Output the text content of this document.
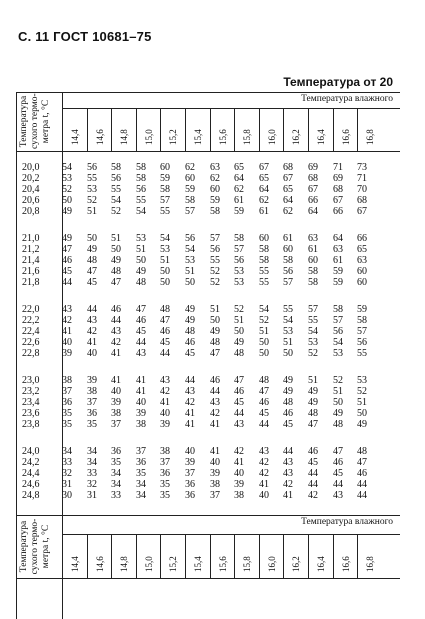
С. 11 ГОСТ 10681–75
Температура от 20
Температура влажного
14,4 14,6 14,8 15,0 15,2 15,4 15,6 15,8 16,0 16,2 16,4 16,6 16,8
Температура сухого термо- метра t, °C
20,0	54	56	58	58	60	62	63	65	67	68	69	71	73
20,2	53	55	56	58	59	60	62	64	65	67	68	69	71
20,4	52	53	55	56	58	59	60	62	64	65	67	68	70
20,6	50	52	54	55	57	58	59	61	62	64	66	67	68
20,8	49	51	52	54	55	57	58	59	61	62	64	66	67
21,0	49	50	51	53	54	56	57	58	60	61	63	64	66
21,2	47	49	50	51	53	54	56	57	58	60	61	63	65
21,4	46	48	49	50	51	53	55	56	58	58	60	61	63
21,6	45	47	48	49	50	51	52	53	55	56	58	59	60
21,8	44	45	47	48	50	50	52	53	55	57	58	59	60
22,0	43	44	46	47	48	49	51	52	54	55	57	58	59
22,2	42	43	44	46	47	49	50	51	52	54	55	57	58
22,4	41	42	43	45	46	48	49	50	51	53	54	56	57
22,6	40	41	42	44	45	46	48	49	50	51	53	54	56
22,8	39	40	41	43	44	45	47	48	50	50	52	53	55
23,0	38	39	41	41	43	44	46	47	48	49	51	52	53
23,2	37	38	40	41	42	43	44	46	47	49	49	51	52
23,4	36	37	39	40	41	42	43	45	46	48	49	50	51
23,6	35	36	38	39	40	41	42	44	45	46	48	49	50
23,8	35	35	37	38	39	41	41	43	44	45	47	48	49
24,0	34	34	36	37	38	40	41	42	43	44	46	47	48
24,2	33	34	35	36	37	39	40	41	42	43	45	46	47
24,4	32	33	34	35	36	37	39	40	42	43	44	45	46
24,6	31	32	34	34	35	36	38	39	41	42	44	44	44
24,8	30	31	33	34	35	36	37	38	40	41	42	43	44
Температура влажного
14,4 14,6 14,8 15,0 15,2 15,4 15,6 15,8 16,0 16,2 16,4 16,6 16,8
Температура сухого термо- метра t, °C
